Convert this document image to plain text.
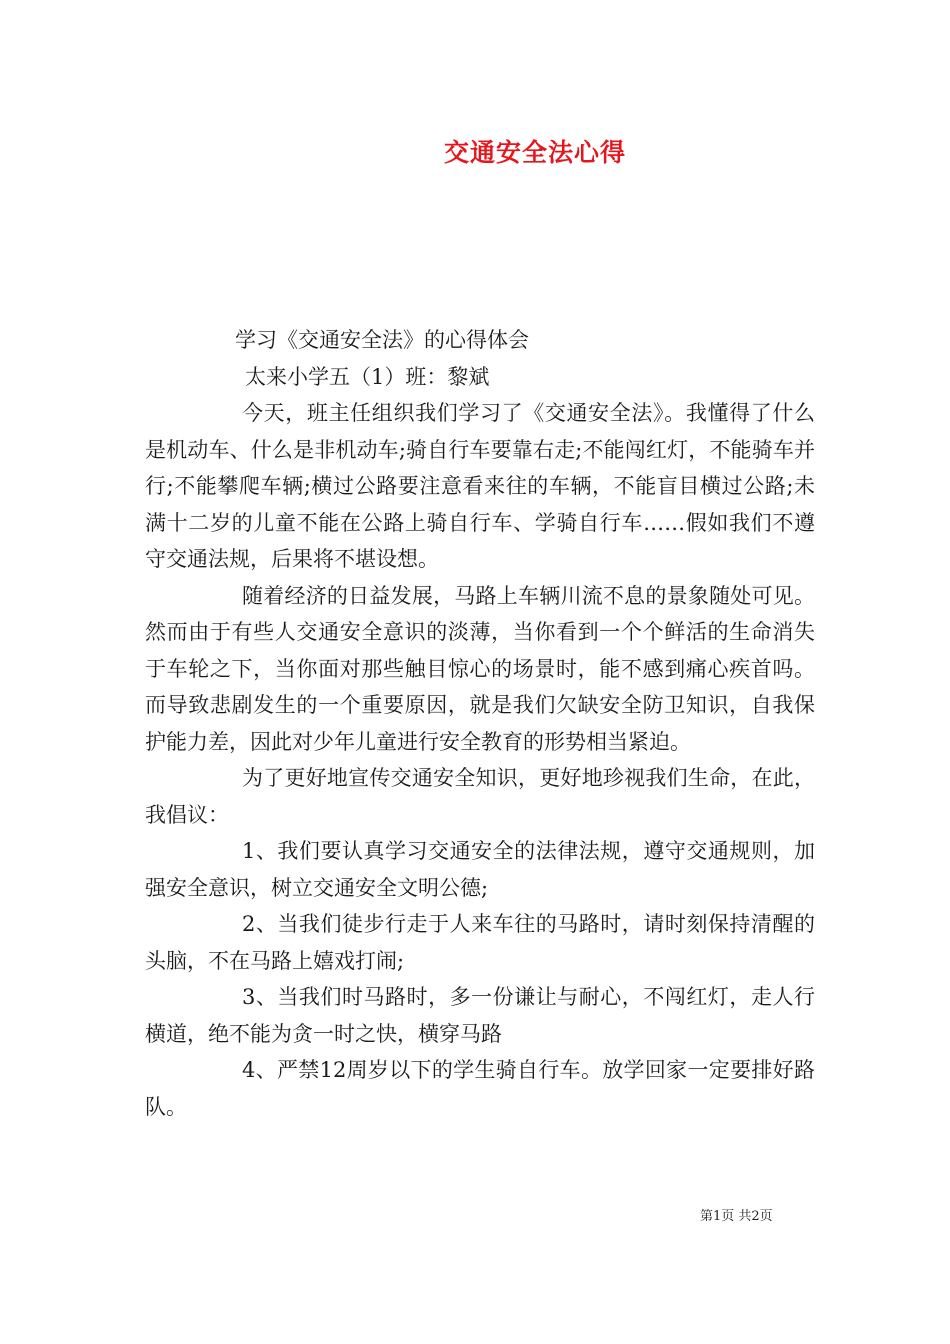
交通安全法心得

学习《交通安全法》的心得体会

太来小学五（1）班：黎斌

今天，班主任组织我们学习了《交通安全法》。我懂得了什么是机动车、什么是非机动车;骑自行车要靠右走;不能闯红灯，不能骑车并行;不能攀爬车辆;横过公路要注意看来往的车辆，不能盲目横过公路;未满十二岁的儿童不能在公路上骑自行车、学骑自行车……假如我们不遵守交通法规，后果将不堪设想。

随着经济的日益发展，马路上车辆川流不息的景象随处可见。然而由于有些人交通安全意识的淡薄，当你看到一个个鲜活的生命消失于车轮之下，当你面对那些触目惊心的场景时，能不感到痛心疾首吗。而导致悲剧发生的一个重要原因，就是我们欠缺安全防卫知识，自我保护能力差，因此对少年儿童进行安全教育的形势相当紧迫。

为了更好地宣传交通安全知识，更好地珍视我们生命，在此，我倡议：

1、我们要认真学习交通安全的法律法规，遵守交通规则，加强安全意识，树立交通安全文明公德;

2、当我们徒步行走于人来车往的马路时，请时刻保持清醒的头脑，不在马路上嬉戏打闹;

3、当我们时马路时，多一份谦让与耐心，不闯红灯，走人行横道，绝不能为贪一时之快，横穿马路

4、严禁12周岁以下的学生骑自行车。放学回家一定要排好路队。

第1页 共2页
